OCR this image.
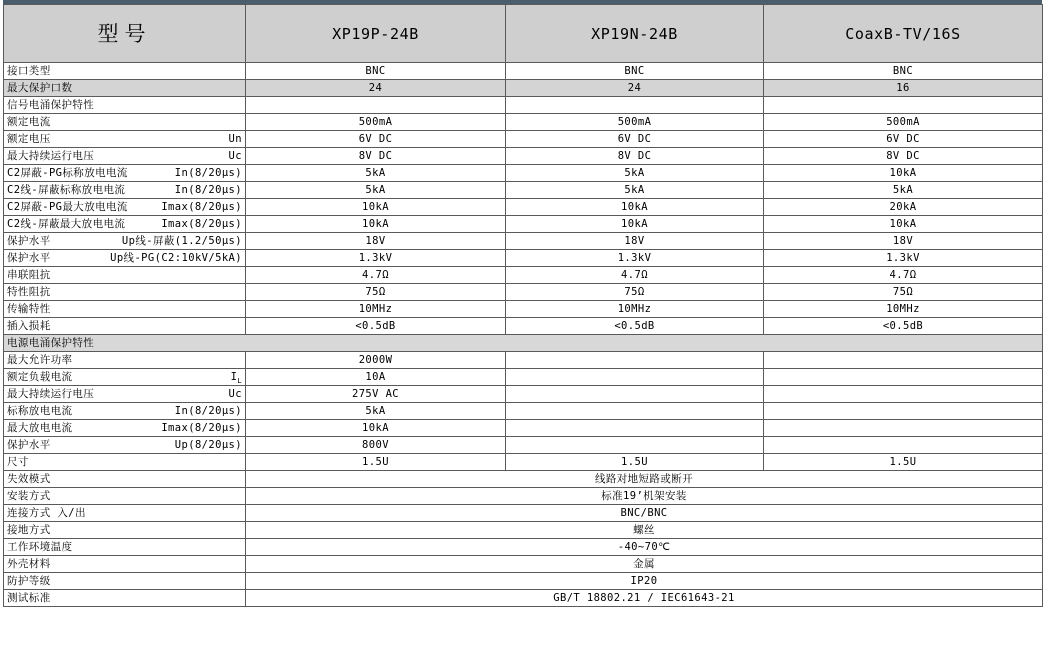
型号	XP19P-24B	XP19N-24B	CoaxB-TV/16S

接口类型	BNC	BNC	BNC

最大保护口数	24	24	16

信号电涌保护特性			

额定电流	500mA	500mA	500mA

额定电压 Un	6V DC	6V DC	6V DC

最大持续运行电压 Uc	8V DC	8V DC	8V DC

C2屏蔽-PG标称放电电流 In(8/20μs)	5kA	5kA	10kA

C2线-屏蔽标称放电电流 In(8/20μs)	5kA	5kA	5kA

C2屏蔽-PG最大放电电流 Imax(8/20μs)	10kA	10kA	20kA

C2线-屏蔽最大放电电流 Imax(8/20μs)	10kA	10kA	10kA

保护水平 Up线-屏蔽(1.2/50μs)	18V	18V	18V

保护水平 Up线-PG(C2:10kV/5kA)	1.3kV	1.3kV	1.3kV

串联阻抗	4.7Ω	4.7Ω	4.7Ω

特性阻抗	75Ω	75Ω	75Ω

传输特性	10MHz	10MHz	10MHz

插入损耗	<0.5dB	<0.5dB	<0.5dB
电源电涌保护特性			

最大允许功率	2000W		

额定负载电流 $I_L$	10A		

最大持续运行电压 Uc	275V AC		

标称放电电流 In(8/20μs)	5kA		

最大放电电流 Imax(8/20μs)	10kA		

保护水平 Up(8/20μs)	800V		

尺寸	1.5U	1.5U	1.5U
失效模式	线路对地短路或断开		
安装方式	标准19’机架安装		
连接方式 入/出	BNC/BNC		
接地方式	螺丝		
工作环境温度	-40~70℃		
外壳材料	金属		
防护等级	IP20		
测试标准	GB/T 18802.21 / IEC61643-21		
